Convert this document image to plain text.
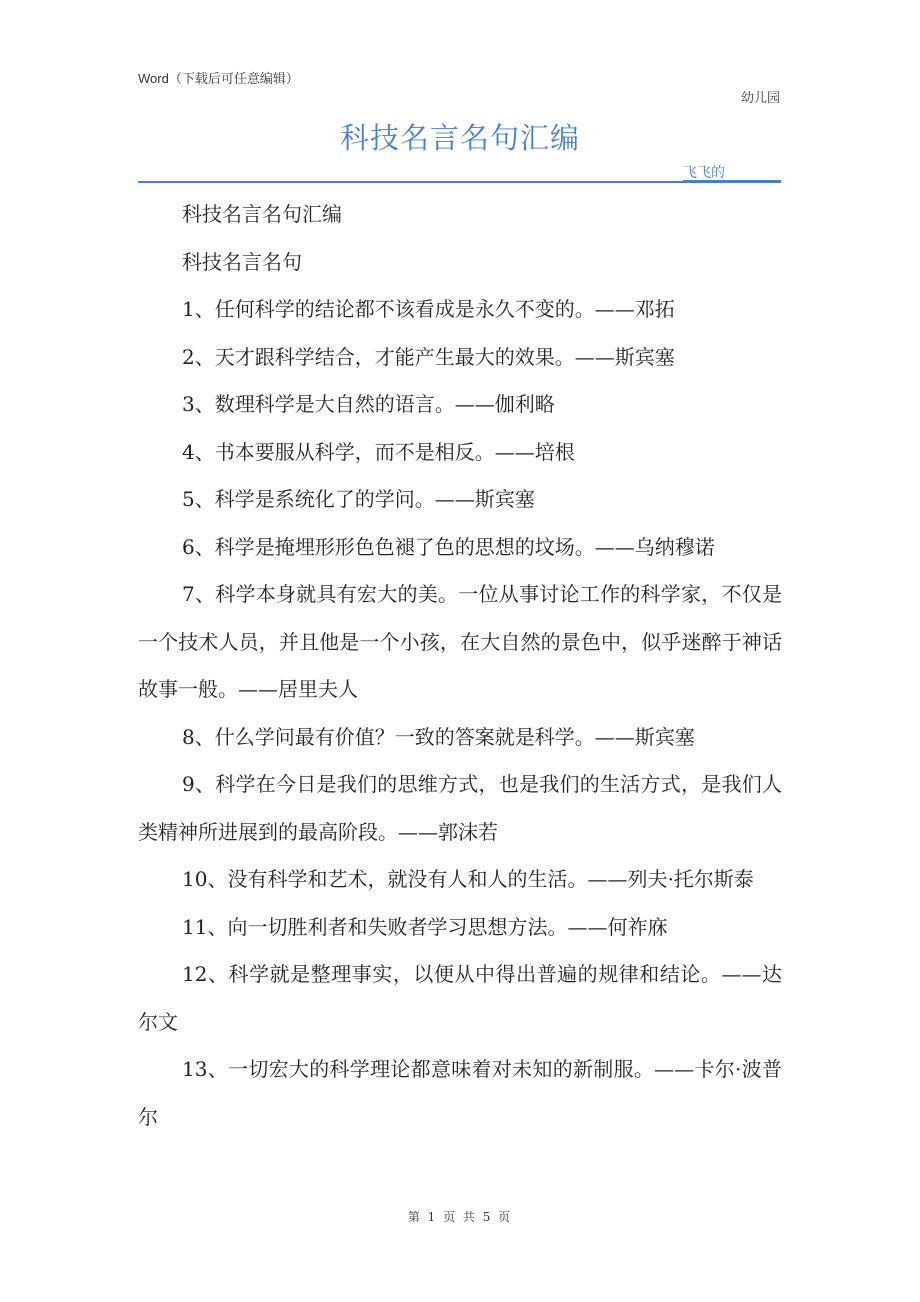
Word（下载后可任意编辑）
幼儿园
科技名言名句汇编
飞飞的

科技名言名句汇编

科技名言名句

1、任何科学的结论都不该看成是永久不变的。——邓拓

2、天才跟科学结合，才能产生最大的效果。——斯宾塞

3、数理科学是大自然的语言。——伽利略

4、书本要服从科学，而不是相反。——培根

5、科学是系统化了的学问。——斯宾塞

6、科学是掩埋形形色色褪了色的思想的坟场。——乌纳穆诺

7、科学本身就具有宏大的美。一位从事讨论工作的科学家，不仅是一个技术人员，并且他是一个小孩，在大自然的景色中，似乎迷醉于神话故事一般。——居里夫人

8、什么学问最有价值？一致的答案就是科学。——斯宾塞

9、科学在今日是我们的思维方式，也是我们的生活方式，是我们人类精神所进展到的最高阶段。——郭沫若

10、没有科学和艺术，就没有人和人的生活。——列夫·托尔斯泰

11、向一切胜利者和失败者学习思想方法。——何祚庥

12、科学就是整理事实，以便从中得出普遍的规律和结论。——达尔文

13、一切宏大的科学理论都意味着对未知的新制服。——卡尔·波普尔

第 1 页 共 5 页
